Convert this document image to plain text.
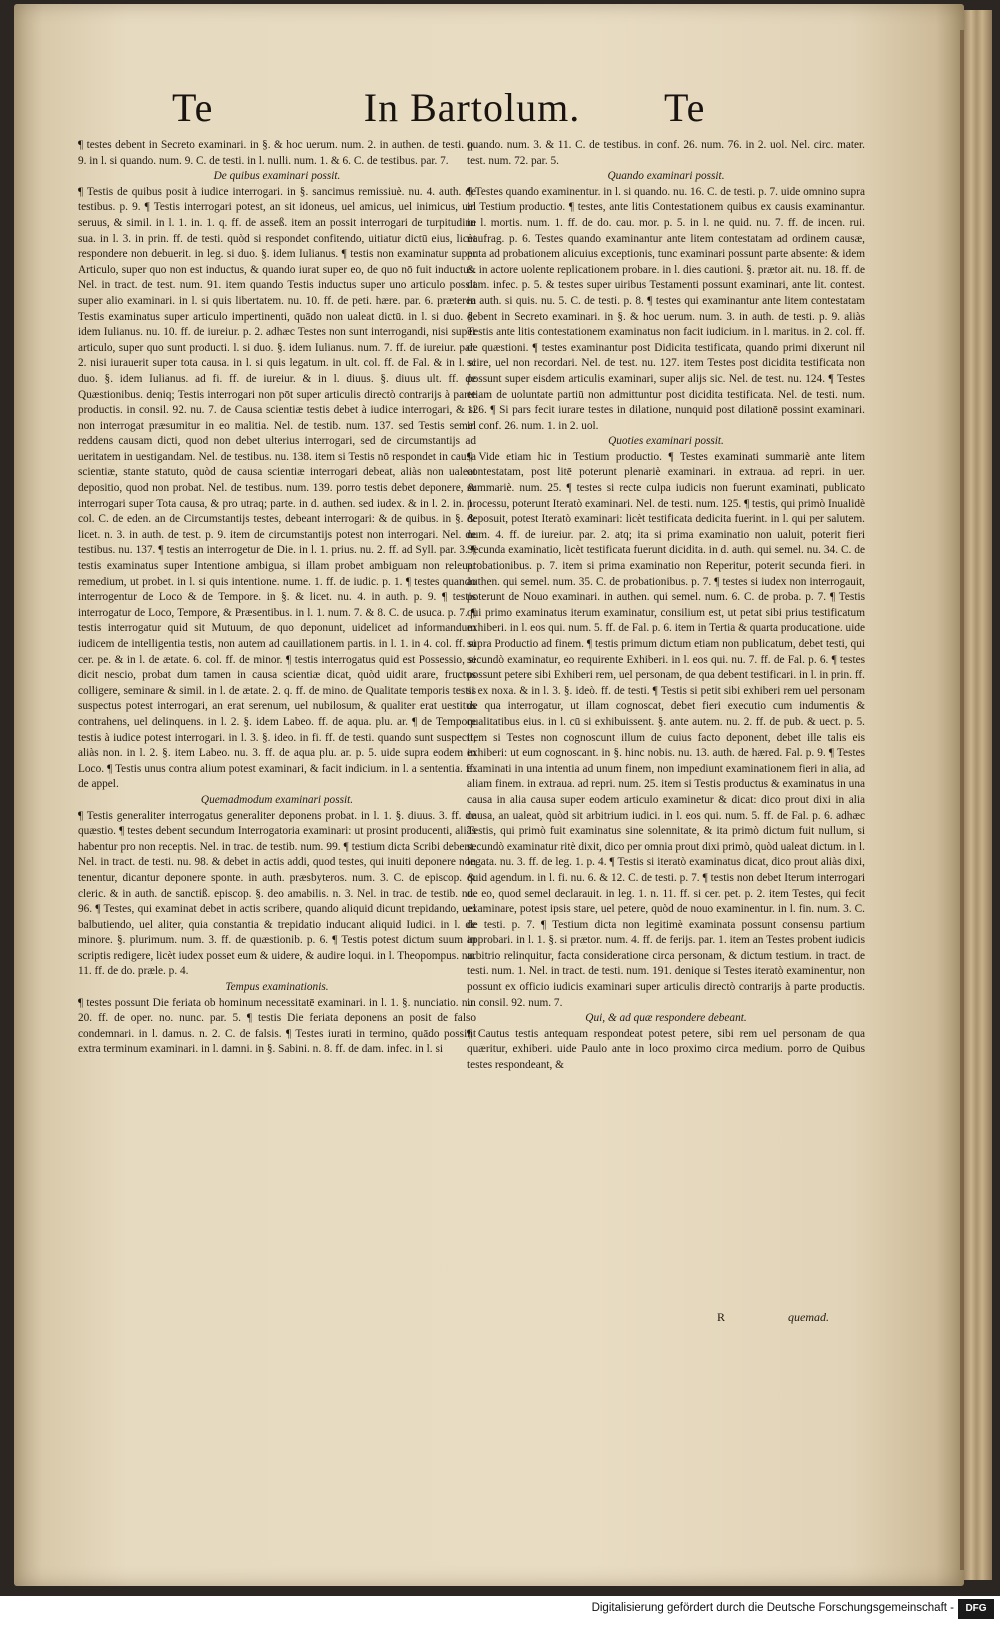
Te	In Bartolum.	Te

¶ testes debent in Secreto examinari. in §. & hoc uerum. num. 2. in authen. de testi. p. 9. in l. si quando. num. 9. C. de testi. in l. nulli. num. 1. & 6. C. de testibus. par. 7.

De quibus examinari possit.

¶ Testis de quibus posit à iudice interrogari. in §. sancimus remissiuè. nu. 4. auth. de testibus. p. 9. ¶ Testis interrogari potest, an sit idoneus, uel amicus, uel inimicus, uel seruus, & simil. in l. 1. in. 1. q. ff. de asseß. item an possit interrogari de turpitudine sua. in l. 3. in prin. ff. de testi. quòd si respondet confitendo, uitiatur dictū eius, licèt respondere non debuerit. in leg. si duo. §. idem Iulianus. ¶ testis non examinatur super Articulo, super quo non est inductus, & quando iurat super eo, de quo nō fuit inductus. Nel. in tract. de test. num. 91. item quando Testis inductus super uno articulo possit super alio examinari. in l. si quis libertatem. nu. 10. ff. de peti. hære. par. 6. præterea Testis examinatus super articulo impertinenti, quādo non ualeat dictū. in l. si duo. §. idem Iulianus. nu. 10. ff. de iureiur. p. 2. adhæc Testes non sunt interrogandi, nisi super articulo, super quo sunt producti. l. si duo. §. idem Iulianus. num. 7. ff. de iureiur. par. 2. nisi iurauerit super tota causa. in l. si quis legatum. in ult. col. ff. de Fal. & in l. si duo. §. idem Iulianus. ad fi. ff. de iureiur. & in l. diuus. §. diuus ult. ff. de Quæstionibus. deniq; Testis interrogari non pōt super articulis directò contrarijs à parte productis. in consil. 92. nu. 7. de Causa scientiæ testis debet à iudice interrogari, & si non interrogat præsumitur in eo malitia. Nel. de testib. num. 137. sed Testis semel reddens causam dicti, quod non debet ulterius interrogari, sed de circumstantijs ad ueritatem in uestigandam. Nel. de testibus. nu. 138. item si Testis nō respondet in causa scientiæ, stante statuto, quòd de causa scientiæ interrogari debeat, aliàs non ualeat depositio, quod non probat. Nel. de testibus. num. 139. porro testis debet deponere, & interrogari super Tota causa, & pro utraq; parte. in d. authen. sed iudex. & in l. 2. in. 1. col. C. de eden. an de Circumstantijs testes, debeant interrogari: & de quibus. in §. & licet. n. 3. in auth. de test. p. 9. item de circumstantijs potest non interrogari. Nel. de testibus. nu. 137. ¶ testis an interrogetur de Die. in l. 1. prius. nu. 2. ff. ad Syll. par. 3. ¶ testis examinatus super Intentione ambigua, si illam probet ambiguam non releuat remedium, ut probet. in l. si quis intentione. nume. 1. ff. de iudic. p. 1. ¶ testes quando interrogentur de Loco & de Tempore. in §. & licet. nu. 4. in auth. p. 9. ¶ testis interrogatur de Loco, Tempore, & Præsentibus. in l. 1. num. 7. & 8. C. de usuca. p. 7. ¶ testis interrogatur quid sit Mutuum, de quo deponunt, uidelicet ad informandum iudicem de intelligentia testis, non autem ad cauillationem partis. in l. 1. in 4. col. ff. si cer. pe. & in l. de ætate. 6. col. ff. de minor. ¶ testis interrogatus quid est Possessio, si dicit nescio, probat dum tamen in causa scientiæ dicat, quòd uidit arare, fructus colligere, seminare & simil. in l. de ætate. 2. q. ff. de mino. de Qualitate temporis testis suspectus potest interrogari, an erat serenum, uel nubilosum, & qualiter erat uestitus contrahens, uel delinquens. in l. 2. §. idem Labeo. ff. de aqua. plu. ar. ¶ de Tempore testis à iudice potest interrogari. in l. 3. §. ideo. in fi. ff. de testi. quando sunt suspecti, aliàs non. in l. 2. §. item Labeo. nu. 3. ff. de aqua plu. ar. p. 5. uide supra eodem in Loco. ¶ Testis unus contra alium potest examinari, & facit indicium. in l. a sententia. ff. de appel.

Quemadmodum examinari possit.

¶ Testis generaliter interrogatus generaliter deponens probat. in l. 1. §. diuus. 3. ff. de quæstio. ¶ testes debent secundum Interrogatoria examinari: ut prosint producenti, aliàs habentur pro non receptis. Nel. in trac. de testib. num. 99. ¶ testium dicta Scribi debent. Nel. in tract. de testi. nu. 98. & debet in actis addi, quod testes, qui inuiti deponere non tenentur, dicantur deponere sponte. in auth. præsbyteros. num. 3. C. de episcop. & cleric. & in auth. de sanctiß. episcop. §. deo amabilis. n. 3. Nel. in trac. de testib. nu. 96. ¶ Testes, qui examinat debet in actis scribere, quando aliquid dicunt trepidando, uel balbutiendo, uel aliter, quia constantia & trepidatio inducant aliquid Iudici. in l. de minore. §. plurimum. num. 3. ff. de quæstionib. p. 6. ¶ Testis potest dictum suum in scriptis redigere, licèt iudex posset eum & uidere, & audire loqui. in l. Theopompus. nu. 11. ff. de do. præle. p. 4.

Tempus examinationis.

¶ testes possunt Die feriata ob hominum necessitatē examinari. in l. 1. §. nunciatio. nu. 20. ff. de oper. no. nunc. par. 5. ¶ testis Die feriata deponens an posit de falso condemnari. in l. damus. n. 2. C. de falsis. ¶ Testes iurati in termino, quādo possint extra terminum examinari. in l. damni. in §. Sabini. n. 8. ff. de dam. infec. in l. si

quando. num. 3. & 11. C. de testibus. in conf. 26. num. 76. in 2. uol. Nel. circ. mater. test. num. 72. par. 5.

Quando examinari possit.

¶ Testes quando examinentur. in l. si quando. nu. 16. C. de testi. p. 7. uide omnino supra in Testium productio. ¶ testes, ante litis Contestationem quibus ex causis examinantur. in l. mortis. num. 1. ff. de do. cau. mor. p. 5. in l. ne quid. nu. 7. ff. de incen. rui. naufrag. p. 6. Testes quando examinantur ante litem contestatam ad ordinem causæ, puta ad probationem alicuius exceptionis, tunc examinari possunt parte absente: & idem & in actore uolente replicationem probare. in l. dies cautioni. §. prætor ait. nu. 18. ff. de dam. infec. p. 5. & testes super uiribus Testamenti possunt examinari, ante lit. contest. in auth. si quis. nu. 5. C. de testi. p. 8. ¶ testes qui examinantur ante litem contestatam debent in Secreto examinari. in §. & hoc uerum. num. 3. in auth. de testi. p. 9. aliàs Testis ante litis contestationem examinatus non facit iudicium. in l. maritus. in 2. col. ff. de quæstioni. ¶ testes examinantur post Didicita testificata, quando primi dixerunt nil scire, uel non recordari. Nel. de test. nu. 127. item Testes post dicidita testificata non possunt super eisdem articulis examinari, super alijs sic. Nel. de test. nu. 124. ¶ Testes etiam de uoluntate partiū non admittuntur post dicidita testificata. Nel. de testi. num. 126. ¶ Si pars fecit iurare testes in dilatione, nunquid post dilationē possint examinari. in conf. 26. num. 1. in 2. uol.

Quoties examinari possit.

¶ Vide etiam hic in Testium productio. ¶ Testes examinati summariè ante litem contestatam, post litē poterunt plenariè examinari. in extraua. ad repri. in uer. summariè. num. 25. ¶ testes si recte culpa iudicis non fuerunt examinati, publicato processu, poterunt Iteratò examinari. Nel. de testi. num. 125. ¶ testis, qui primò Inualidè deposuit, potest Iteratò examinari: licèt testificata dedicita fuerint. in l. qui per salutem. num. 4. ff. de iureiur. par. 2. atq; ita si prima examinatio non ualuit, poterit fieri Secunda examinatio, licèt testificata fuerunt dicidita. in d. auth. qui semel. nu. 34. C. de probationibus. p. 7. item si prima examinatio non Reperitur, poterit secunda fieri. in authen. qui semel. num. 35. C. de probationibus. p. 7. ¶ testes si iudex non interrogauit, poterunt de Nouo examinari. in authen. qui semel. num. 6. C. de proba. p. 7. ¶ Testis qui primo examinatus iterum examinatur, consilium est, ut petat sibi prius testificatum exhiberi. in l. eos qui. num. 5. ff. de Fal. p. 6. item in Tertia & quarta producatione. uide supra Productio ad finem. ¶ testis primum dictum etiam non publicatum, debet testi, qui secundò examinatur, eo requirente Exhiberi. in l. eos qui. nu. 7. ff. de Fal. p. 6. ¶ testes possunt petere sibi Exhiberi rem, uel personam, de qua debent testificari. in l. in prin. ff. si ex noxa. & in l. 3. §. ideò. ff. de testi. ¶ Testis si petit sibi exhiberi rem uel personam de qua interrogatur, ut illam cognoscat, debet fieri executio cum indumentis & qualitatibus eius. in l. cū si exhibuissent. §. ante autem. nu. 2. ff. de pub. & uect. p. 5. item si Testes non cognoscunt illum de cuius facto deponent, debet ille talis eis exhiberi: ut eum cognoscant. in §. hinc nobis. nu. 13. auth. de hæred. Fal. p. 9. ¶ Testes examinati in una intentia ad unum finem, non impediunt examinationem fieri in alia, ad aliam finem. in extraua. ad repri. num. 25. item si Testis productus & examinatus in una causa in alia causa super eodem articulo examinetur & dicat: dico prout dixi in alia causa, an ualeat, quòd sit arbitrium iudici. in l. eos qui. num. 5. ff. de Fal. p. 6. adhæc Testis, qui primò fuit examinatus sine solennitate, & ita primò dictum fuit nullum, si secundò examinatur ritè dixit, dico per omnia prout dixi primò, quòd ualeat dictum. in l. legata. nu. 3. ff. de leg. 1. p. 4. ¶ Testis si iteratò examinatus dicat, dico prout aliàs dixi, quid agendum. in l. fi. nu. 6. & 12. C. de testi. p. 7. ¶ testis non debet Iterum interrogari de eo, quod semel declarauit. in leg. 1. n. 11. ff. si cer. pet. p. 2. item Testes, qui fecit examinare, potest ipsis stare, uel petere, quòd de nouo examinentur. in l. fin. num. 3. C. de testi. p. 7. ¶ Testium dicta non legitimè examinata possunt consensu partium approbari. in l. 1. §. si prætor. num. 4. ff. de ferijs. par. 1. item an Testes probent iudicis arbitrio relinquitur, facta consideratione circa personam, & dictum testium. in tract. de testi. num. 1. Nel. in tract. de testi. num. 191. denique si Testes iteratò examinentur, non possunt ex officio iudicis examinari super articulis directò contrarijs à parte productis. in consil. 92. num. 7.

Qui, & ad quæ respondere debeant.

¶ Cautus testis antequam respondeat potest petere, sibi rem uel personam de qua quæritur, exhiberi. uide Paulo ante in loco proximo circa medium. porro de Quibus testes respondeant, &

R	quemad.
Digitalisierung gefördert durch die Deutsche Forschungsgemeinschaft -	DFG
